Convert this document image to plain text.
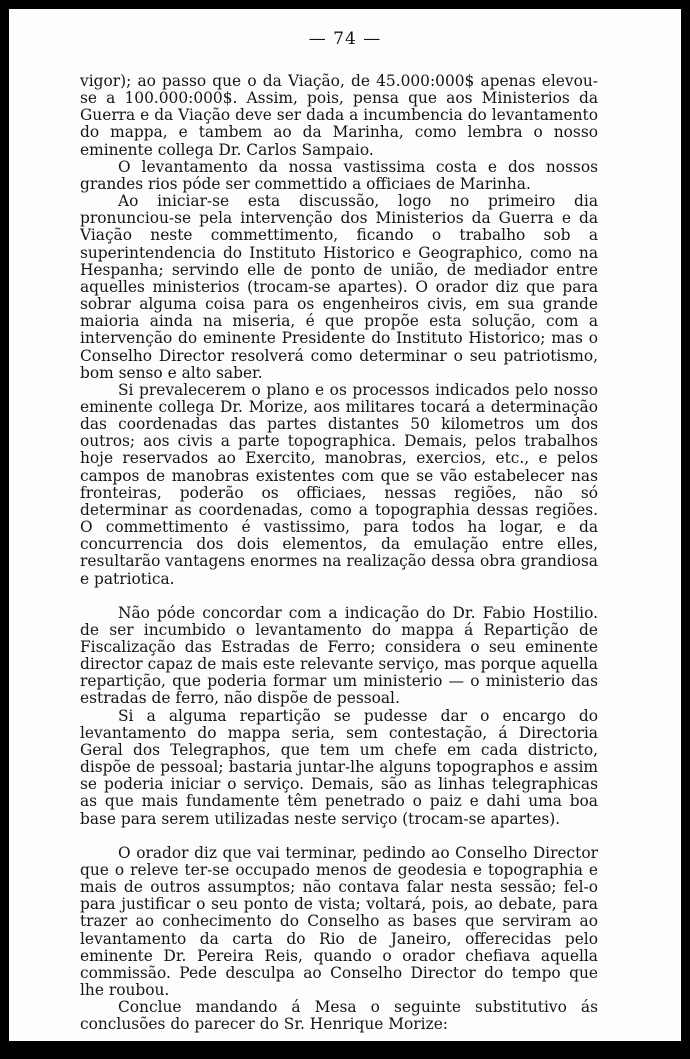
— 74 —

vigor); ao passo que o da Viação, de 45.000:000$ apenas elevou-se a 100.000:000$. Assim, pois, pensa que aos Ministerios da Guerra e da Viação deve ser dada a incumbencia do levantamento do mappa, e tambem ao da Marinha, como lembra o nosso eminente collega Dr. Carlos Sampaio.

O levantamento da nossa vastissima costa e dos nossos grandes rios póde ser commettido a officiaes de Marinha.

Ao iniciar-se esta discussão, logo no primeiro dia pronunciou-se pela intervenção dos Ministerios da Guerra e da Viação neste commettimento, ficando o trabalho sob a superintendencia do Instituto Historico e Geographico, como na Hespanha; servindo elle de ponto de união, de mediador entre aquelles ministerios (trocam-se apartes). O orador diz que para sobrar alguma coisa para os engenheiros civis, em sua grande maioria ainda na miseria, é que propõe esta solução, com a intervenção do eminente Presidente do Instituto Historico; mas o Conselho Director resolverá como determinar o seu patriotismo, bom senso e alto saber.

Si prevalecerem o plano e os processos indicados pelo nosso eminente collega Dr. Morize, aos militares tocará a determinação das coordenadas das partes distantes 50 kilometros um dos outros; aos civis a parte topographica. Demais, pelos trabalhos hoje reservados ao Exercito, manobras, exercios, etc., e pelos campos de manobras existentes com que se vão estabelecer nas fronteiras, poderão os officiaes, nessas regiões, não só determinar as coordenadas, como a topographia dessas regiões. O commettimento é vastissimo, para todos ha logar, e da concurrencia dos dois elementos, da emulação entre elles, resultarão vantagens enormes na realização dessa obra grandiosa e patriotica.

Não póde concordar com a indicação do Dr. Fabio Hostilio. de ser incumbido o levantamento do mappa á Repartição de Fiscalização das Estradas de Ferro; considera o seu eminente director capaz de mais este relevante serviço, mas porque aquella repartição, que poderia formar um ministerio — o ministerio das estradas de ferro, não dispõe de pessoal.

Si a alguma repartição se pudesse dar o encargo do levantamento do mappa seria, sem contestação, á Directoria Geral dos Telegraphos, que tem um chefe em cada districto, dispõe de pessoal; bastaria juntar-lhe alguns topographos e assim se poderia iniciar o serviço. Demais, são as linhas telegraphicas as que mais fundamente têm penetrado o paiz e dahi uma boa base para serem utilizadas neste serviço (trocam-se apartes).

O orador diz que vai terminar, pedindo ao Conselho Director que o releve ter-se occupado menos de geodesia e topographia e mais de outros assumptos; não contava falar nesta sessão; fel-o para justificar o seu ponto de vista; voltará, pois, ao debate, para trazer ao conhecimento do Conselho as bases que serviram ao levantamento da carta do Rio de Janeiro, offerecidas pelo eminente Dr. Pereira Reis, quando o orador chefiava aquella commissão. Pede desculpa ao Conselho Director do tempo que lhe roubou.

Conclue mandando á Mesa o seguinte substitutivo ás conclusões do parecer do Sr. Henrique Morize:
